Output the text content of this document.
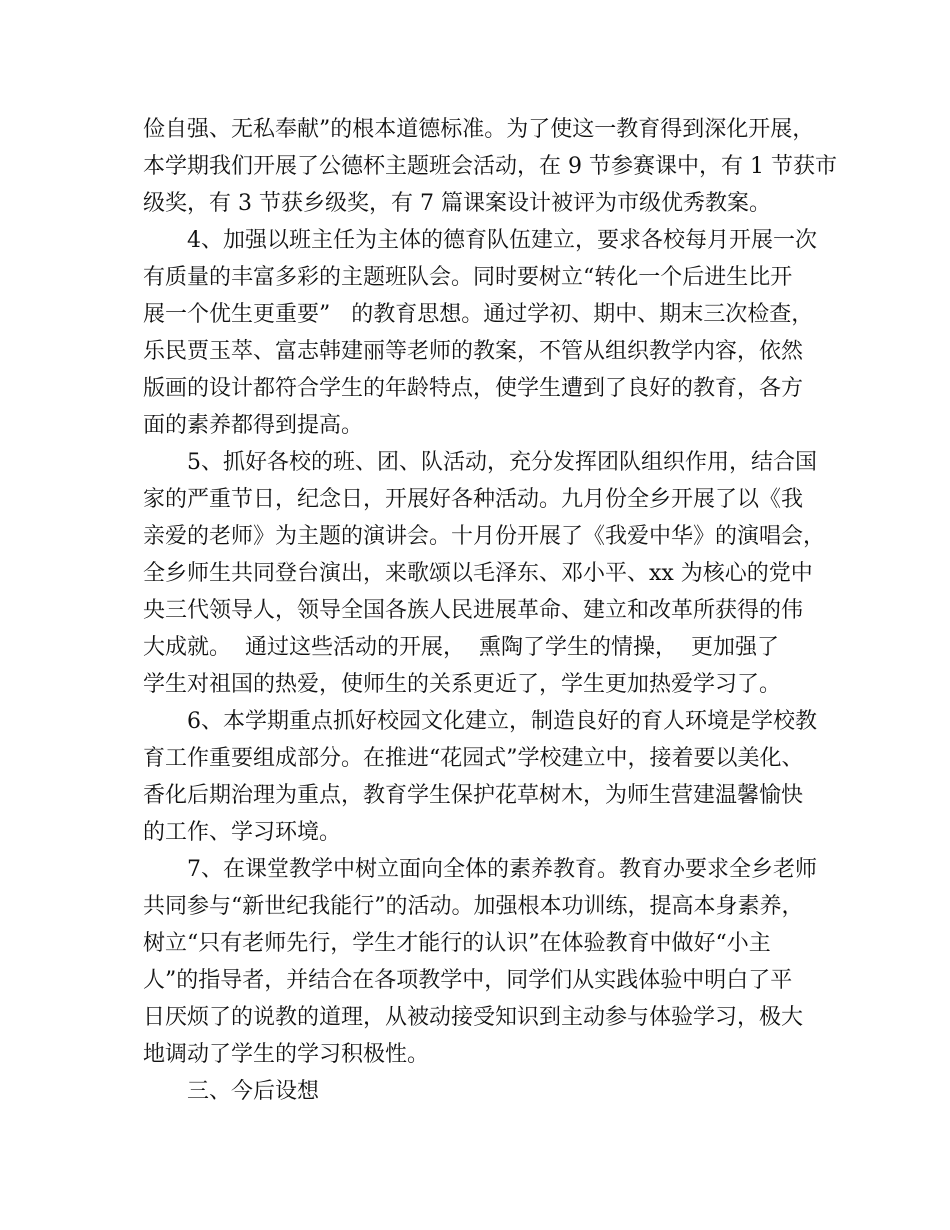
俭自强、无私奉献”的根本道德标准。为了使这一教育得到深化开展，
本学期我们开展了公德杯主题班会活动，在 9 节参赛课中，有 1 节获市
级奖，有 3 节获乡级奖，有 7 篇课案设计被评为市级优秀教案。

4、加强以班主任为主体的德育队伍建立，要求各校每月开展一次
有质量的丰富多彩的主题班队会。同时要树立“转化一个后进生比开
展一个优生更重要”   的教育思想。通过学初、期中、期末三次检查，
乐民贾玉萃、富志韩建丽等老师的教案，不管从组织教学内容，依然
版画的设计都符合学生的年龄特点，使学生遭到了良好的教育，各方
面的素养都得到提高。

5、抓好各校的班、团、队活动，充分发挥团队组织作用，结合国
家的严重节日，纪念日，开展好各种活动。九月份全乡开展了以《我
亲爱的老师》为主题的演讲会。十月份开展了《我爱中华》的演唱会，
全乡师生共同登台演出，来歌颂以毛泽东、邓小平、xx 为核心的党中
央三代领导人，领导全国各族人民进展革命、建立和改革所获得的伟
大成就。  通过这些活动的开展，  熏陶了学生的情操，  更加强了
学生对祖国的热爱，使师生的关系更近了，学生更加热爱学习了。

6、本学期重点抓好校园文化建立，制造良好的育人环境是学校教
育工作重要组成部分。在推进“花园式”学校建立中，接着要以美化、
香化后期治理为重点，教育学生保护花草树木，为师生营建温馨愉快
的工作、学习环境。

7、在课堂教学中树立面向全体的素养教育。教育办要求全乡老师
共同参与“新世纪我能行”的活动。加强根本功训练，提高本身素养，
树立“只有老师先行，学生才能行的认识”在体验教育中做好“小主
人”的指导者，并结合在各项教学中，同学们从实践体验中明白了平
日厌烦了的说教的道理，从被动接受知识到主动参与体验学习，极大
地调动了学生的学习积极性。

三、今后设想
